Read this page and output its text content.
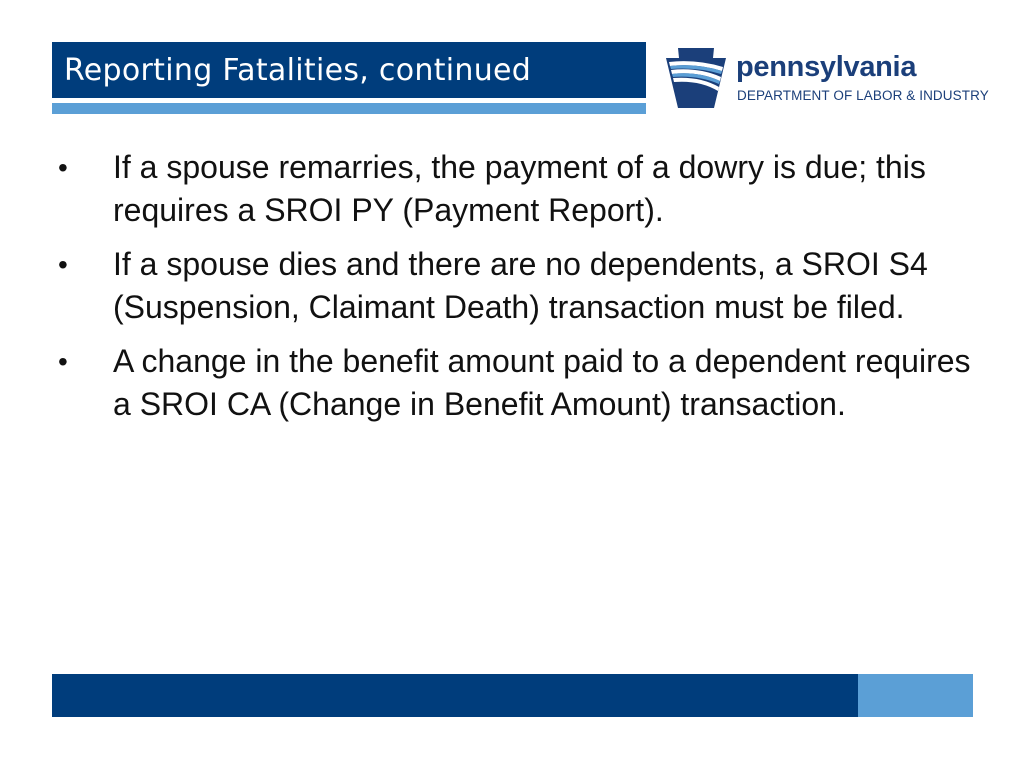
Reporting Fatalities, continued	pennsylvania
DEPARTMENT OF LABOR & INDUSTRY
•	If a spouse remarries, the payment of a dowry is due; this requires a SROI PY (Payment Report).
•	If a spouse dies and there are no dependents, a SROI S4 (Suspension, Claimant Death) transaction must be filed.
•	A change in the benefit amount paid to a dependent requires a SROI CA (Change in Benefit Amount) transaction.
